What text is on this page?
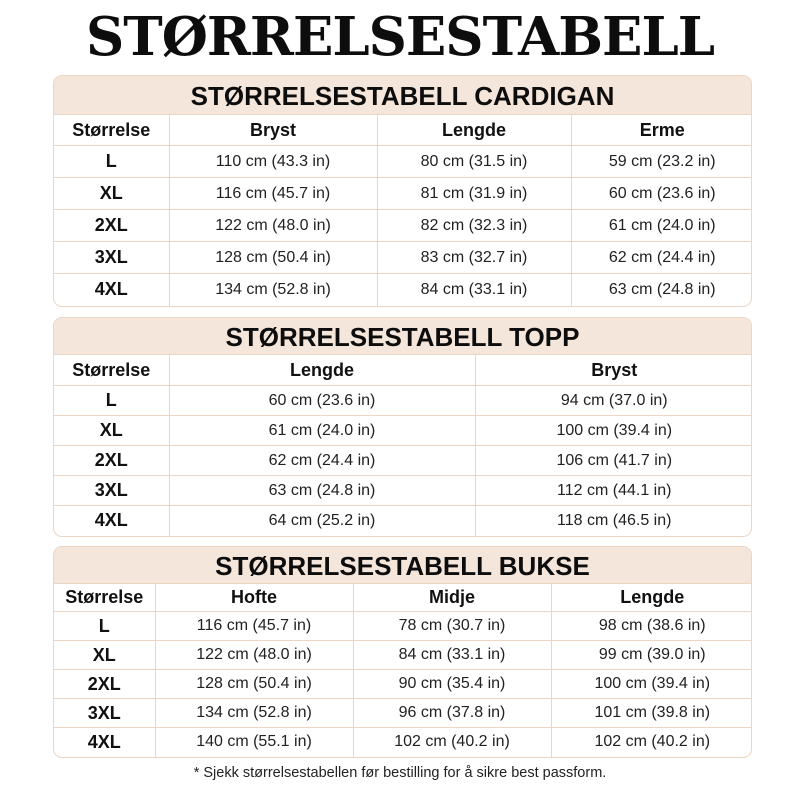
STØRRELSESTABELL
STØRRELSESTABELL CARDIGAN
Størrelse	Bryst	Lengde	Erme
L	110 cm (43.3 in)	80 cm (31.5 in)	59 cm (23.2 in)
XL	116 cm (45.7 in)	81 cm (31.9 in)	60 cm (23.6 in)
2XL	122 cm (48.0 in)	82 cm (32.3 in)	61 cm (24.0 in)
3XL	128 cm (50.4 in)	83 cm (32.7 in)	62 cm (24.4 in)
4XL	134 cm (52.8 in)	84 cm (33.1 in)	63 cm (24.8 in)
STØRRELSESTABELL TOPP
Størrelse	Lengde	Bryst
L	60 cm (23.6 in)	94 cm (37.0 in)
XL	61 cm (24.0 in)	100 cm (39.4 in)
2XL	62 cm (24.4 in)	106 cm (41.7 in)
3XL	63 cm (24.8 in)	112 cm (44.1 in)
4XL	64 cm (25.2 in)	118 cm (46.5 in)
STØRRELSESTABELL BUKSE
Størrelse	Hofte	Midje	Lengde
L	116 cm (45.7 in)	78 cm (30.7 in)	98 cm (38.6 in)
XL	122 cm (48.0 in)	84 cm (33.1 in)	99 cm (39.0 in)
2XL	128 cm (50.4 in)	90 cm (35.4 in)	100 cm (39.4 in)
3XL	134 cm (52.8 in)	96 cm (37.8 in)	101 cm (39.8 in)
4XL	140 cm (55.1 in)	102 cm (40.2 in)	102 cm (40.2 in)
* Sjekk størrelsestabellen før bestilling for å sikre best passform.
